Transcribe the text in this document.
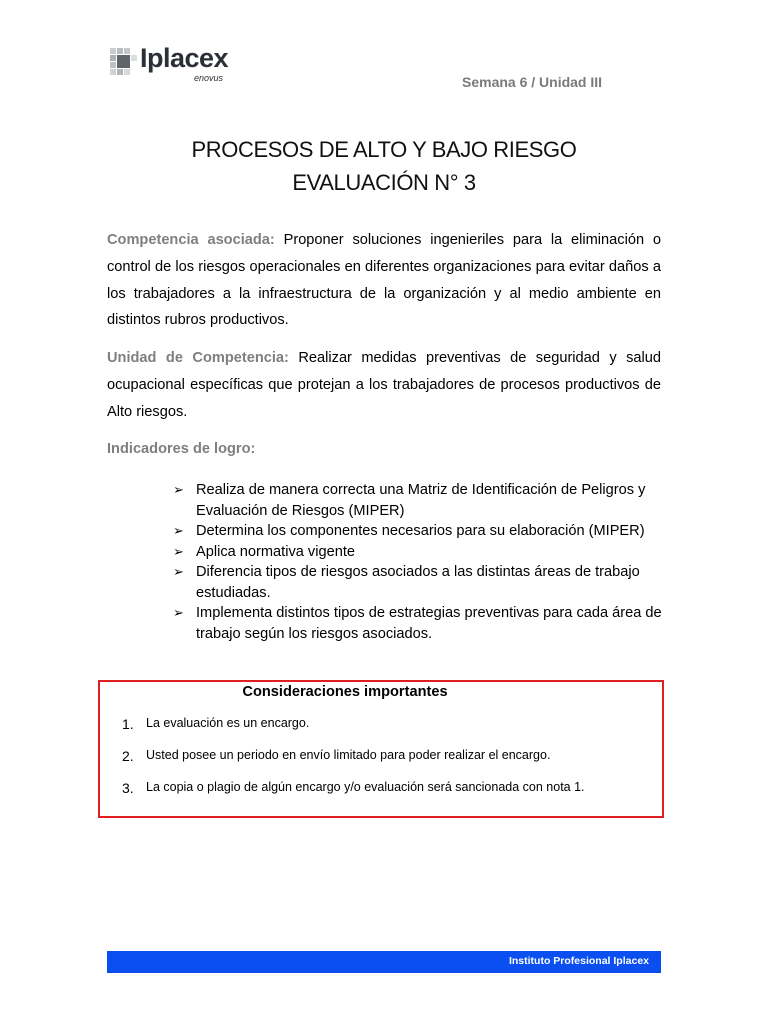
Iplacex
enovus	Semana 6 / Unidad III
PROCESOS DE ALTO Y BAJO RIESGO
EVALUACIÓN N° 3

Competencia asociada: Proponer soluciones ingenieriles para la eliminación o control de los riesgos operacionales en diferentes organizaciones para evitar daños a los trabajadores a la infraestructura de la organización y al medio ambiente en distintos rubros productivos.

Unidad de Competencia: Realizar medidas preventivas de seguridad y salud ocupacional específicas que protejan a los trabajadores de procesos productivos de Alto riesgos.

Indicadores de logro:
➢ Realiza de manera correcta una Matriz de Identificación de Peligros y Evaluación de Riesgos (MIPER)
➢ Determina los componentes necesarios para su elaboración (MIPER)
➢ Aplica normativa vigente
➢ Diferencia tipos de riesgos asociados a las distintas áreas de trabajo estudiadas.
➢ Implementa distintos tipos de estrategias preventivas para cada área de trabajo según los riesgos asociados.
Consideraciones importantes
1. La evaluación es un encargo.
2. Usted posee un periodo en envío limitado para poder realizar el encargo.
3. La copia o plagio de algún encargo y/o evaluación será sancionada con nota 1.
Instituto Profesional Iplacex
